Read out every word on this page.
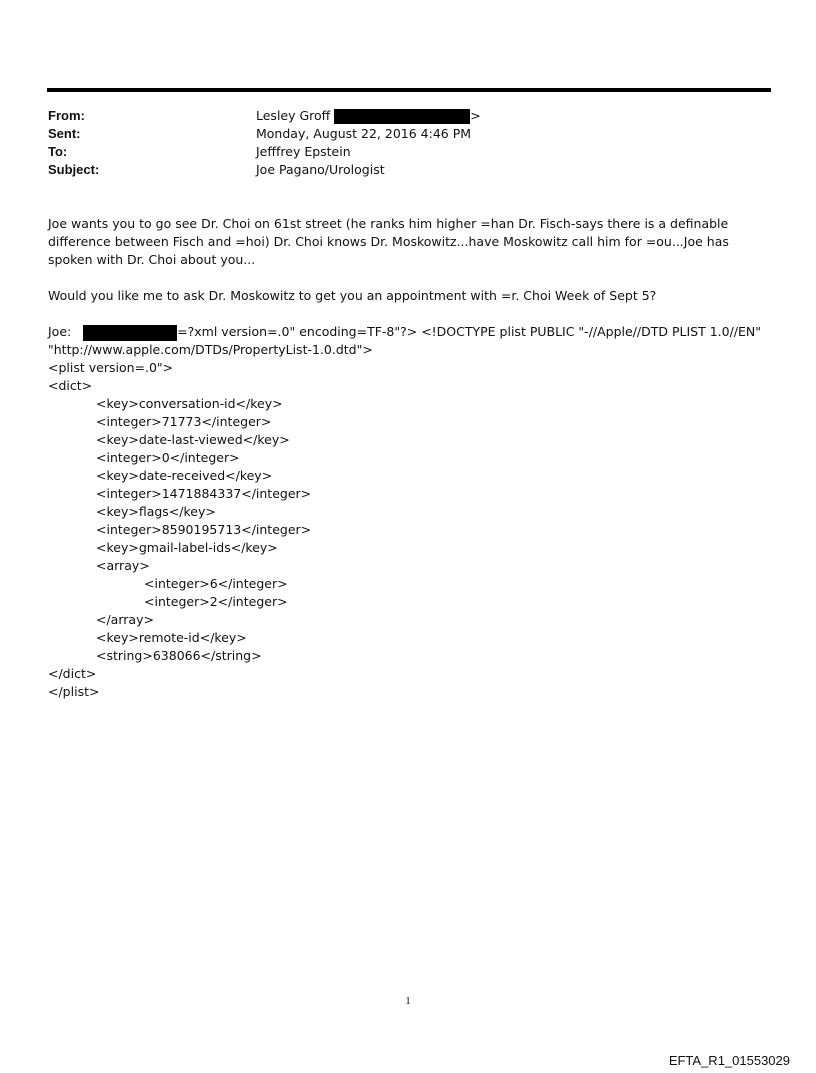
From:	Lesley Groff	>
Sent:	Monday, August 22, 2016 4:46 PM
To:	Jefffrey Epstein
Subject:	Joe Pagano/Urologist

Joe wants you to go see Dr. Choi on 61st street (he ranks him higher =han Dr. Fisch-says there is a definable difference between Fisch and =hoi) Dr. Choi knows Dr. Moskowitz...have Moskowitz call him for =ou...Joe has spoken with Dr. Choi about you...

Would you like me to ask Dr. Moskowitz to get you an appointment with =r. Choi Week of Sept 5?

Joe:	=?xml version=.0" encoding=TF-8"?> <!DOCTYPE plist PUBLIC "-//Apple//DTD PLIST 1.0//EN"
"http://www.apple.com/DTDs/PropertyList-1.0.dtd">
<plist version=.0">
<dict>
<key>conversation-id</key>
<integer>71773</integer>
<key>date-last-viewed</key>
<integer>0</integer>
<key>date-received</key>
<integer>1471884337</integer>
<key>flags</key>
<integer>8590195713</integer>
<key>gmail-label-ids</key>
<array>
<integer>6</integer>
<integer>2</integer>
</array>
<key>remote-id</key>
<string>638066</string>
</dict>
</plist>
1
EFTA_R1_01553029
